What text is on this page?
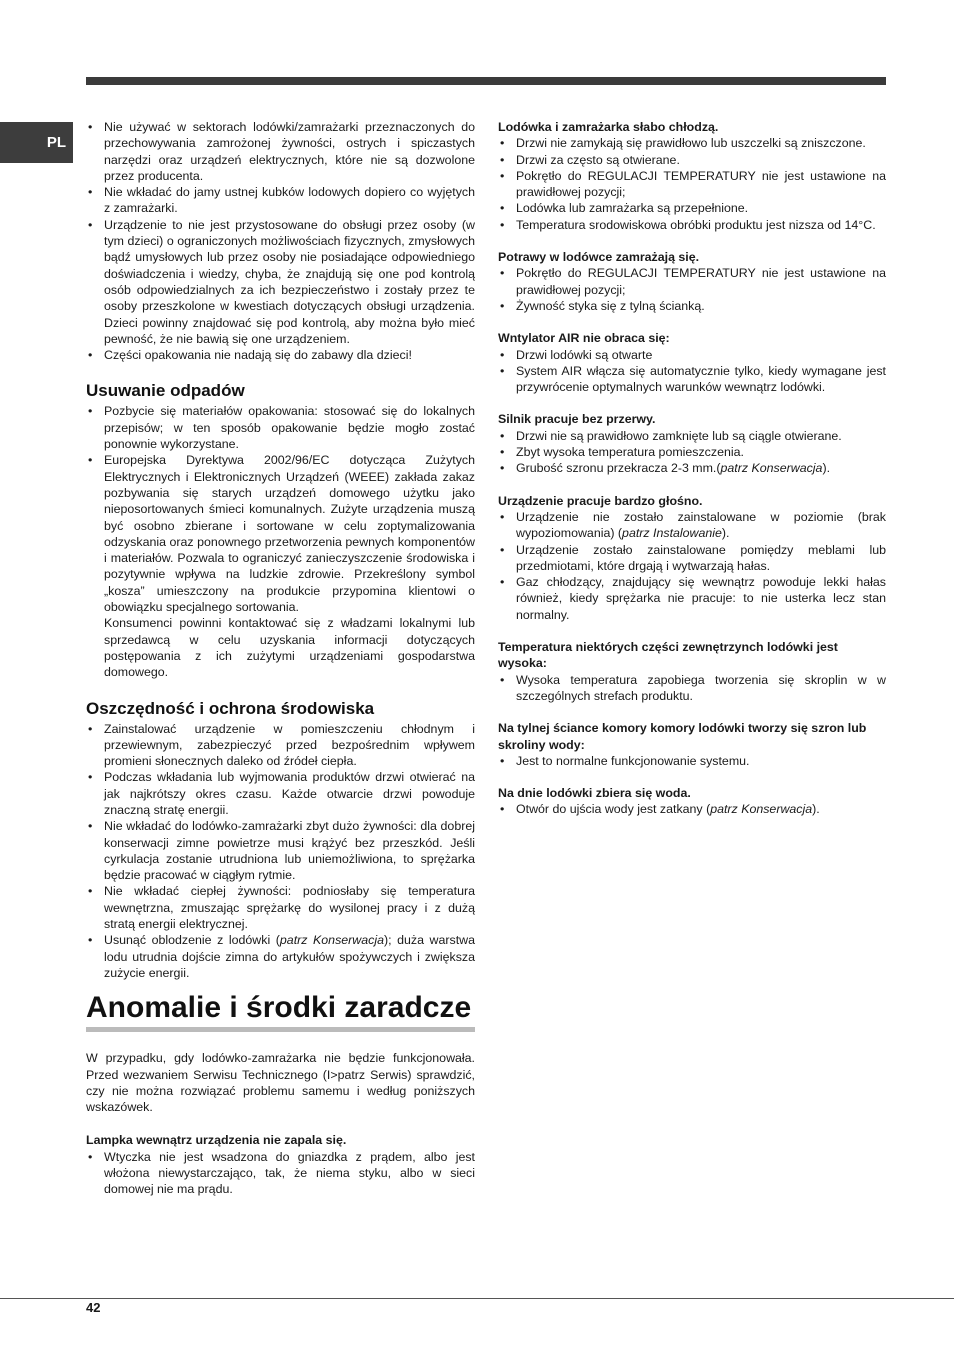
PL
• Nie używać w sektorach lodówki/zamrażarki przeznaczonych do przechowywania zamrożonej żywności, ostrych i spiczastych narzędzi oraz urządzeń elektrycznych, które nie są dozwolone przez producenta.
• Nie wkładać do jamy ustnej kubków lodowych dopiero co wyjętych z zamrażarki.
• Urządzenie to nie jest przystosowane do obsługi przez osoby (w tym dzieci) o ograniczonych możliwościach fizycznych, zmysłowych bądź umysłowych lub przez osoby nie posiadające odpowiedniego doświadczenia i wiedzy, chyba, że znajdują się one pod kontrolą osób odpowiedzialnych za ich bezpieczeństwo i zostały przez te osoby przeszkolone w kwestiach dotyczących obsługi urządzenia. Dzieci powinny znajdować się pod kontrolą, aby można było mieć pewność, że nie bawią się one urządzeniem.
• Części opakowania nie nadają się do zabawy dla dzieci!
Usuwanie odpadów
• Pozbycie się materiałów opakowania: stosować się do lokalnych przepisów; w ten sposób opakowanie będzie mogło zostać ponownie wykorzystane.
• Europejska Dyrektywa 2002/96/EC dotycząca Zużytych Elektrycznych i Elektronicznych Urządzeń (WEEE) zakłada zakaz pozbywania się starych urządzeń domowego użytku jako nieposortowanych śmieci komunalnych. Zużyte urządzenia muszą być osobno zbierane i sortowane w celu zoptymalizowania odzyskania oraz ponownego przetworzenia pewnych komponentów i materiałów. Pozwala to ograniczyć zanieczyszczenie środowiska i pozytywnie wpływa na ludzkie zdrowie. Przekreślony symbol „kosza” umieszczony na produkcie przypomina klientowi o obowiązku specjalnego sortowania.
Konsumenci powinni kontaktować się z władzami lokalnymi lub sprzedawcą w celu uzyskania informacji dotyczących postępowania z ich zużytymi urządzeniami gospodarstwa domowego.
Oszczędność i ochrona środowiska
• Zainstalować urządzenie w pomieszczeniu chłodnym i przewiewnym, zabezpieczyć przed bezpośrednim wpływem promieni słonecznych daleko od źródeł ciepła.
• Podczas wkładania lub wyjmowania produktów drzwi otwierać na jak najkrótszy okres czasu. Każde otwarcie drzwi powoduje znaczną stratę energii.
• Nie wkładać do lodówko-zamrażarki zbyt dużo żywności: dla dobrej konserwacji zimne powietrze musi krążyć bez przeszkód. Jeśli cyrkulacja zostanie utrudniona lub uniemożliwiona, to sprężarka będzie pracować w ciągłym rytmie.
• Nie wkładać ciepłej żywności: podniosłaby się temperatura wewnętrzna, zmuszając sprężarkę do wysilonej pracy i z dużą stratą energii elektrycznej.
• Usunąć oblodzenie z lodówki (patrz Konserwacja); duża warstwa lodu utrudnia dojście zimna do artykułów spożywczych i zwiększa zużycie energii.
Anomalie i środki zaradcze

W przypadku, gdy lodówko-zamrażarka nie będzie funkcjonowała. Przed wezwaniem Serwisu Technicznego (I>patrz Serwis) sprawdzić, czy nie można rozwiązać problemu samemu i według poniższych wskazówek.

Lampka wewnątrz urządzenia nie zapala się.

• Wtyczka nie jest wsadzona do gniazdka z prądem, albo jest włożona niewystarczająco, tak, że niema styku, albo w sieci domowej nie ma prądu.

Lodówka i zamrażarka słabo chłodzą.

• Drzwi nie zamykają się prawidłowo lub uszczelki są zniszczone.
• Drzwi za często są otwierane.
• Pokrętło do REGULACJI TEMPERATURY nie jest ustawione na prawidłowej pozycji;
• Lodówka lub zamrażarka są przepełnione.
• Temperatura srodowiskowa obróbki produktu jest nizsza od 14°C.

Potrawy w lodówce zamrażają się.

• Pokrętło do REGULACJI TEMPERATURY nie jest ustawione na prawidłowej pozycji;
• Żywność styka się z tylną ścianką.

Wntylator AIR nie obraca się:

• Drzwi lodówki są otwarte
• System AIR włącza się automatycznie tylko, kiedy wymagane jest przywrócenie optymalnych warunków wewnątrz lodówki.

Silnik pracuje bez przerwy.

• Drzwi nie są prawidłowo zamknięte lub są ciągle otwierane.
• Zbyt wysoka temperatura pomieszczenia.
• Grubość szronu przekracza 2-3 mm.(patrz Konserwacja).

Urządzenie pracuje bardzo głośno.

• Urządzenie nie zostało zainstalowane w poziomie (brak wypoziomowania) (patrz Instalowanie).
• Urządzenie zostało zainstalowane pomiędzy meblami lub przedmiotami, które drgają i wytwarzają hałas.
• Gaz chłodzący, znajdujący się wewnątrz powoduje lekki hałas również, kiedy sprężarka nie pracuje: to nie usterka lecz stan normalny.

Temperatura niektórych części zewnętrzynch lodówki jest wysoka:

• Wysoka temperatura zapobiega tworzenia się skroplin w w szczególnych strefach produktu.

Na tylnej ściance komory komory lodówki tworzy się szron lub skroliny wody:

• Jest to normalne funkcjonowanie systemu.

Na dnie lodówki zbiera się woda.

• Otwór do ujścia wody jest zatkany (patrz Konserwacja).
42
